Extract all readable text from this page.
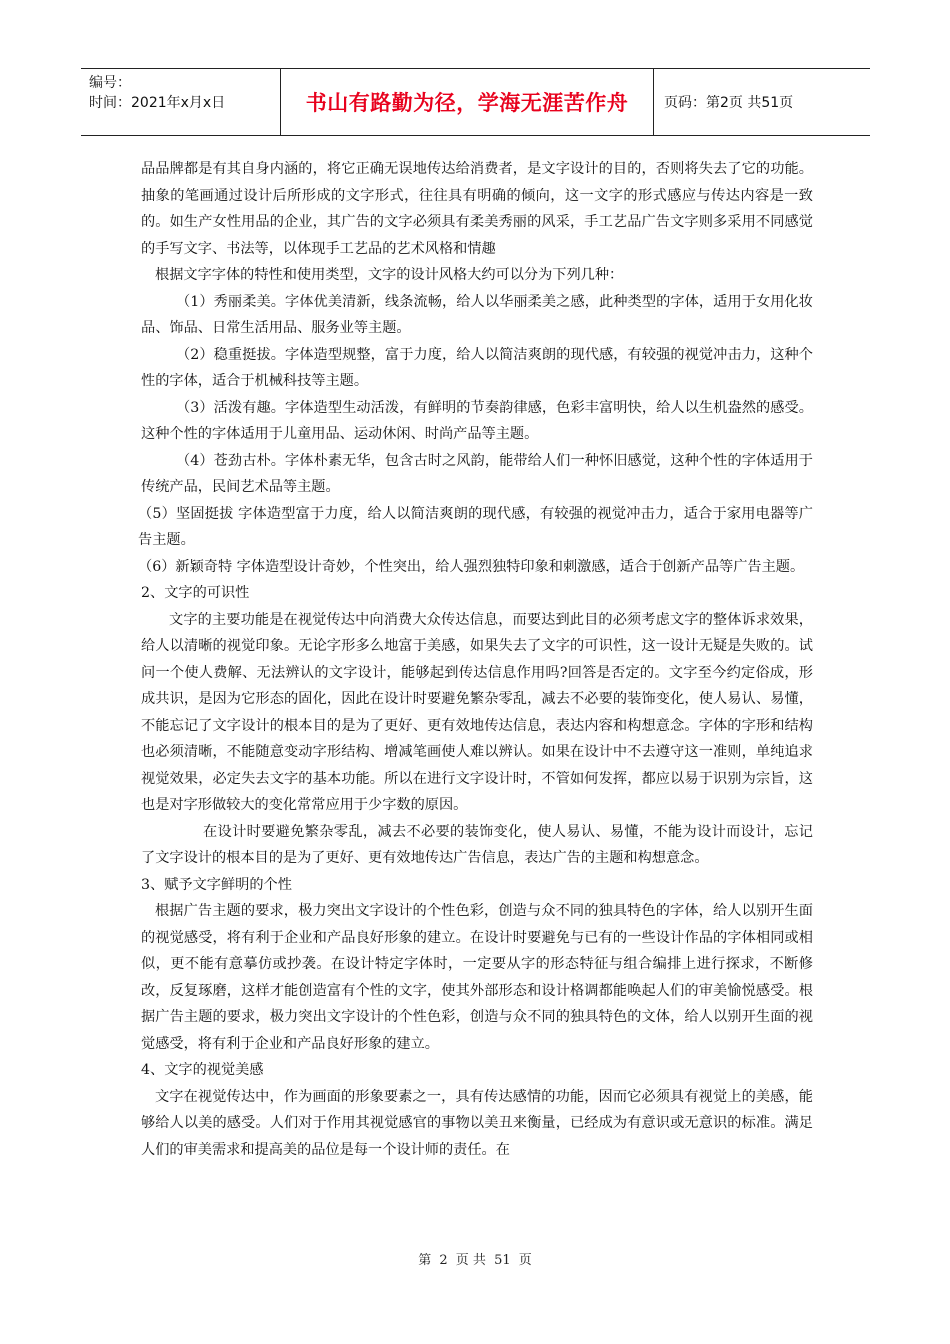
编号：
时间：2021年x月x日	书山有路勤为径，学海无涯苦作舟	页码：第2页 共51页

品品牌都是有其自身内涵的，将它正确无误地传达给消费者，是文字设计的目的，否则将失去了它的功能。抽象的笔画通过设计后所形成的文字形式，往往具有明确的倾向，这一文字的形式感应与传达内容是一致的。如生产女性用品的企业，其广告的文字必须具有柔美秀丽的风采，手工艺品广告文字则多采用不同感觉的手写文字、书法等，以体现手工艺品的艺术风格和情趣

根据文字字体的特性和使用类型，文字的设计风格大约可以分为下列几种：

（1）秀丽柔美。字体优美清新，线条流畅，给人以华丽柔美之感，此种类型的字体，适用于女用化妆品、饰品、日常生活用品、服务业等主题。

（2）稳重挺拔。字体造型规整，富于力度，给人以简洁爽朗的现代感，有较强的视觉冲击力，这种个性的字体，适合于机械科技等主题。

（3）活泼有趣。字体造型生动活泼，有鲜明的节奏韵律感，色彩丰富明快，给人以生机盎然的感受。这种个性的字体适用于儿童用品、运动休闲、时尚产品等主题。

（4）苍劲古朴。字体朴素无华，包含古时之风韵，能带给人们一种怀旧感觉，这种个性的字体适用于传统产品，民间艺术品等主题。

（5）坚固挺拔 字体造型富于力度，给人以简洁爽朗的现代感，有较强的视觉冲击力，适合于家用电器等广告主题。

（6）新颖奇特 字体造型设计奇妙，个性突出，给人强烈独特印象和刺激感，适合于创新产品等广告主题。

2、文字的可识性

文字的主要功能是在视觉传达中向消费大众传达信息，而要达到此目的必须考虑文字的整体诉求效果，给人以清晰的视觉印象。无论字形多么地富于美感，如果失去了文字的可识性，这一设计无疑是失败的。试问一个使人费解、无法辨认的文字设计，能够起到传达信息作用吗?回答是否定的。文字至今约定俗成，形成共识，是因为它形态的固化，因此在设计时要避免繁杂零乱，减去不必要的装饰变化，使人易认、易懂，不能忘记了文字设计的根本目的是为了更好、更有效地传达信息，表达内容和构想意念。字体的字形和结构也必须清晰，不能随意变动字形结构、增减笔画使人难以辨认。如果在设计中不去遵守这一准则，单纯追求视觉效果，必定失去文字的基本功能。所以在进行文字设计时，不管如何发挥，都应以易于识别为宗旨，这也是对字形做较大的变化常常应用于少字数的原因。

在设计时要避免繁杂零乱，减去不必要的装饰变化，使人易认、易懂，不能为设计而设计，忘记了文字设计的根本目的是为了更好、更有效地传达广告信息，表达广告的主题和构想意念。

3、赋予文字鲜明的个性

根据广告主题的要求，极力突出文字设计的个性色彩，创造与众不同的独具特色的字体，给人以别开生面的视觉感受，将有利于企业和产品良好形象的建立。在设计时要避免与已有的一些设计作品的字体相同或相似，更不能有意摹仿或抄袭。在设计特定字体时，一定要从字的形态特征与组合编排上进行探求，不断修改，反复琢磨，这样才能创造富有个性的文字，使其外部形态和设计格调都能唤起人们的审美愉悦感受。根据广告主题的要求，极力突出文字设计的个性色彩，创造与众不同的独具特色的文体，给人以别开生面的视觉感受，将有利于企业和产品良好形象的建立。

4、文字的视觉美感

文字在视觉传达中，作为画面的形象要素之一，具有传达感情的功能，因而它必须具有视觉上的美感，能够给人以美的感受。人们对于作用其视觉感官的事物以美丑来衡量，已经成为有意识或无意识的标准。满足人们的审美需求和提高美的品位是每一个设计师的责任。在

第 2 页 共 51 页
